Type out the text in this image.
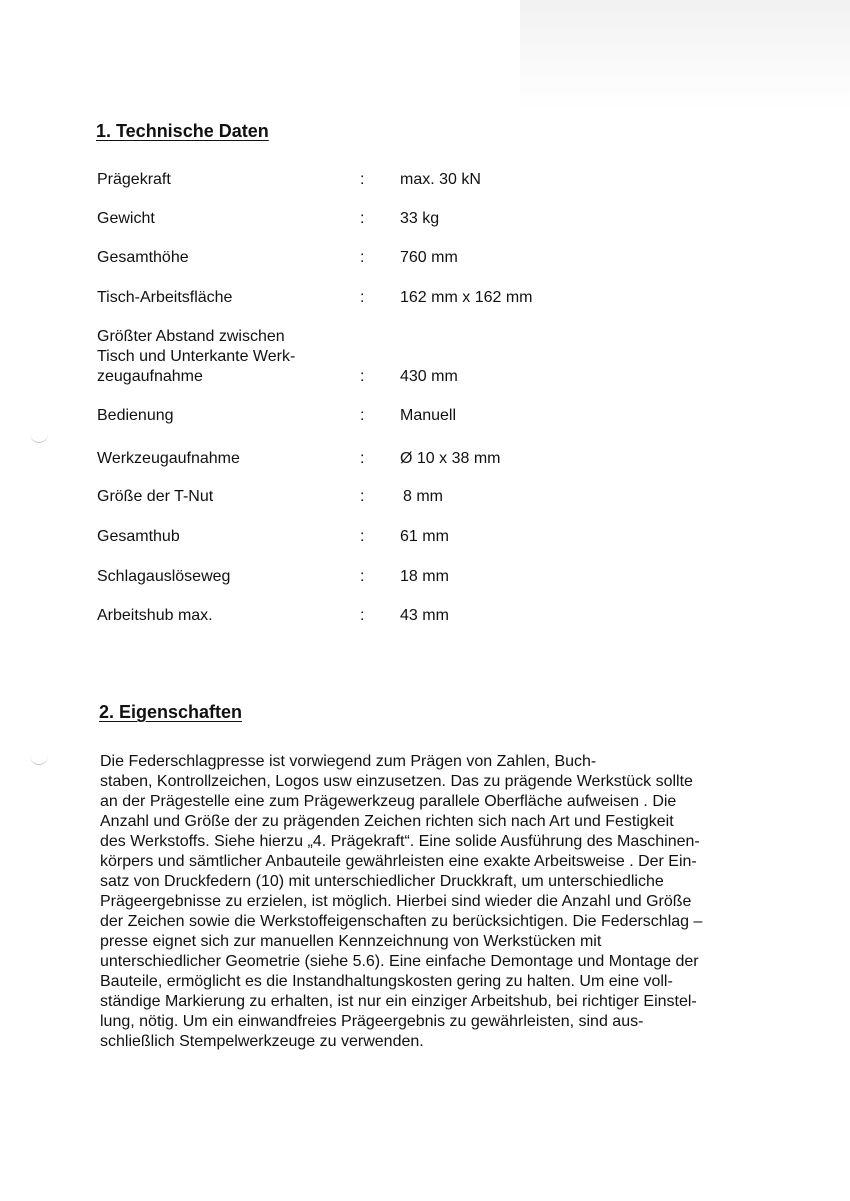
1. Technische Daten
Prägekraft	: max. 30 kN
Gewicht	: 33 kg
Gesamthöhe	: 760 mm
Tisch-Arbeitsfläche	: 162 mm x 162 mm
Größter Abstand zwischen
Tisch und Unterkante Werk-
zeugaufnahme	: 430 mm
Bedienung	: Manuell
Werkzeugaufnahme	: Ø 10 x 38 mm
Größe der T-Nut	: 8 mm
Gesamthub	: 61 mm
Schlagauslöseweg	: 18 mm
Arbeitshub max.	: 43 mm
2. Eigenschaften

Die Federschlagpresse ist vorwiegend zum Prägen von Zahlen, Buch-
staben, Kontrollzeichen, Logos usw einzusetzen. Das zu prägende Werkstück sollte
an der Prägestelle eine zum Prägewerkzeug parallele Oberfläche aufweisen . Die
Anzahl und Größe der zu prägenden Zeichen richten sich nach Art und Festigkeit
des Werkstoffs. Siehe hierzu „4. Prägekraft“. Eine solide Ausführung des Maschinen-
körpers und sämtlicher Anbauteile gewährleisten eine exakte Arbeitsweise . Der Ein-
satz von Druckfedern (10) mit unterschiedlicher Druckkraft, um unterschiedliche
Prägeergebnisse zu erzielen, ist möglich. Hierbei sind wieder die Anzahl und Größe
der Zeichen sowie die Werkstoffeigenschaften zu berücksichtigen. Die Federschlag –
presse eignet sich zur manuellen Kennzeichnung von Werkstücken mit
unterschiedlicher Geometrie (siehe 5.6). Eine einfache Demontage und Montage der
Bauteile, ermöglicht es die Instandhaltungskosten gering zu halten. Um eine voll-
ständige Markierung zu erhalten, ist nur ein einziger Arbeitshub, bei richtiger Einstel-
lung, nötig. Um ein einwandfreies Prägeergebnis zu gewährleisten, sind aus-
schließlich Stempelwerkzeuge zu verwenden.
